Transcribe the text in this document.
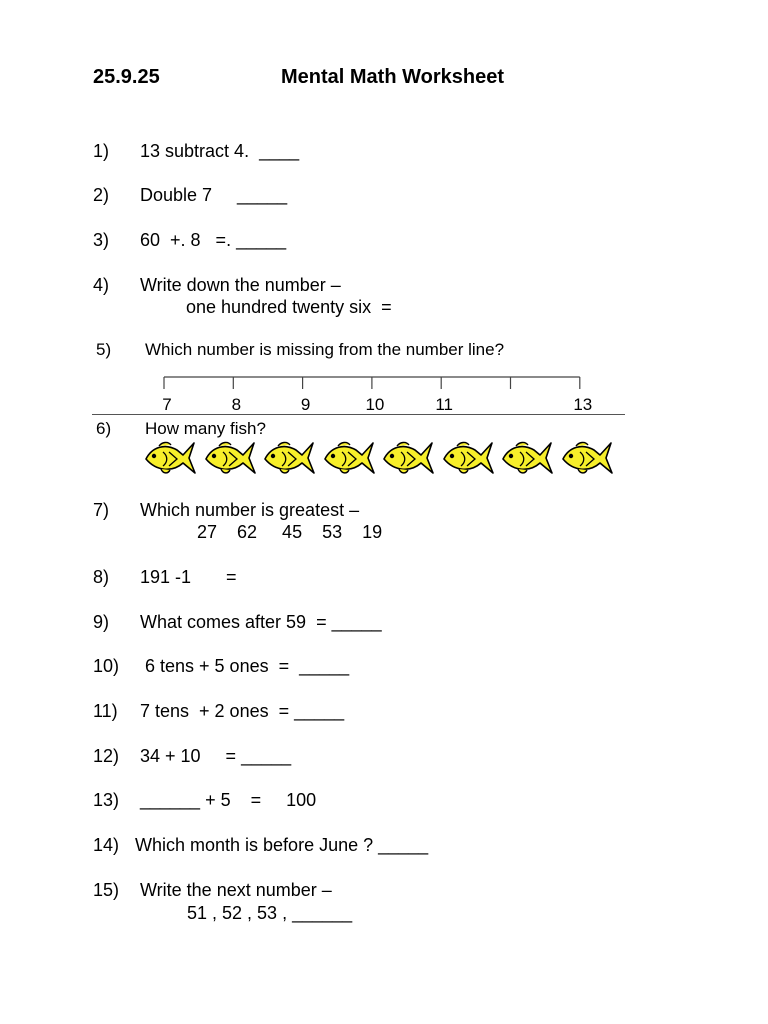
25.9.25	Mental Math Worksheet
1) 13 subtract 4.  ____
2) Double 7     _____
3) 60  +. 8   =. _____
4) Write down the number –
one hundred twenty six  =
5) Which number is missing from the number line?
7	8	9	10	11	13
6) How many fish?
7) Which number is greatest –
27    62     45    53    19
8) 191 -1       =
9) What comes after 59  = _____
10) 6 tens + 5 ones  =  _____
11) 7 tens  + 2 ones  = _____
12) 34 + 10     = _____
13) ______ + 5    =     100
14) Which month is before June ? _____
15) Write the next number –
51 , 52 , 53 , ______
